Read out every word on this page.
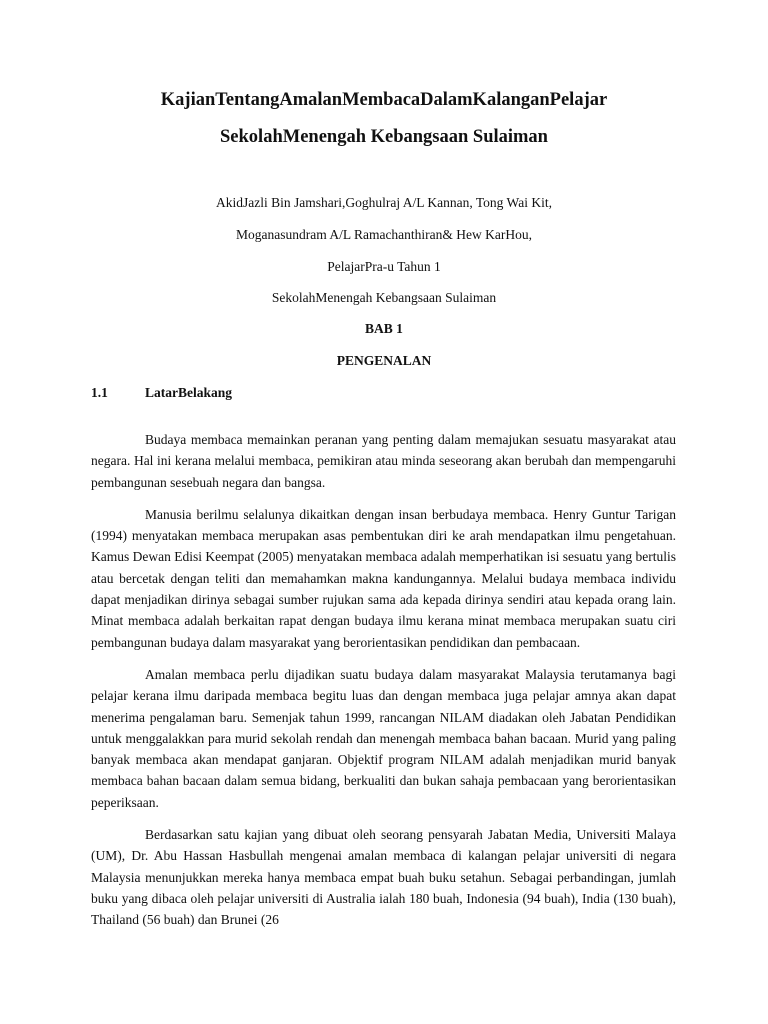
KajianTentangAmalanMembacaDalamKalanganPelajar
SekolahMenengah Kebangsaan Sulaiman
AkidJazli Bin Jamshari,Goghulraj A/L Kannan, Tong Wai Kit,
Moganasundram A/L Ramachanthiran& Hew KarHou,
PelajarPra-u Tahun 1
SekolahMenengah Kebangsaan Sulaiman
BAB 1
PENGENALAN
1.1	LatarBelakang

Budaya membaca memainkan peranan yang penting dalam memajukan sesuatu masyarakat atau negara. Hal ini kerana melalui membaca, pemikiran atau minda seseorang akan berubah dan mempengaruhi pembangunan sesebuah negara dan bangsa.

Manusia berilmu selalunya dikaitkan dengan insan berbudaya membaca. Henry Guntur Tarigan (1994) menyatakan membaca merupakan asas pembentukan diri ke arah mendapatkan ilmu pengetahuan. Kamus Dewan Edisi Keempat (2005) menyatakan membaca adalah memperhatikan isi sesuatu yang bertulis atau bercetak dengan teliti dan memahamkan makna kandungannya. Melalui budaya membaca individu dapat menjadikan dirinya sebagai sumber rujukan sama ada kepada dirinya sendiri atau kepada orang lain. Minat membaca adalah berkaitan rapat dengan budaya ilmu kerana minat membaca merupakan suatu ciri pembangunan budaya dalam masyarakat yang berorientasikan pendidikan dan pembacaan.

Amalan membaca perlu dijadikan suatu budaya dalam masyarakat Malaysia terutamanya bagi pelajar kerana ilmu daripada membaca begitu luas dan dengan membaca juga pelajar amnya akan dapat menerima pengalaman baru. Semenjak tahun 1999, rancangan NILAM diadakan oleh Jabatan Pendidikan untuk menggalakkan para murid sekolah rendah dan menengah membaca bahan bacaan. Murid yang paling banyak membaca akan mendapat ganjaran. Objektif program NILAM adalah menjadikan murid banyak membaca bahan bacaan dalam semua bidang, berkualiti dan bukan sahaja pembacaan yang berorientasikan peperiksaan.

Berdasarkan satu kajian yang dibuat oleh seorang pensyarah Jabatan Media, Universiti Malaya (UM), Dr. Abu Hassan Hasbullah mengenai amalan membaca di kalangan pelajar universiti di negara Malaysia menunjukkan mereka hanya membaca empat buah buku setahun. Sebagai perbandingan, jumlah buku yang dibaca oleh pelajar universiti di Australia ialah 180 buah, Indonesia (94 buah), India (130 buah), Thailand (56 buah) dan Brunei (26
